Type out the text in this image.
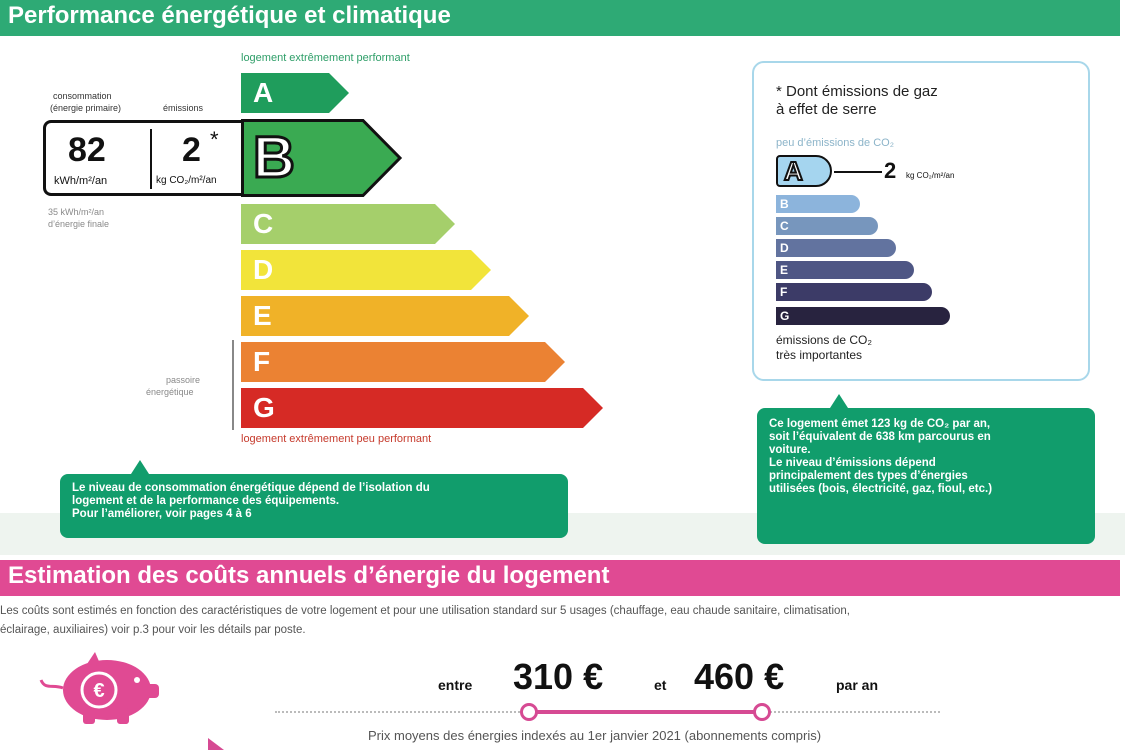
Performance énergétique et climatique
logement extrêmement performant
consommation
(énergie primaire)	émissions
82
kWh/m²/an
2 *
kg CO₂/m²/an
35 kWh/m²/an
d’énergie finale
A
B
C
D
E
F
G
passoire
énergétique
logement extrêmement peu performant
Le niveau de consommation énergétique dépend de l’isolation du
logement et de la performance des équipements.
Pour l’améliorer, voir pages 4 à 6
* Dont émissions de gaz
à effet de serre
peu d’émissions de CO₂
A	2 kg CO₂/m²/an
B
C
D
E
F
G
émissions de CO₂
très importantes
Ce logement émet 123 kg de CO₂ par an,
soit l’équivalent de 638 km parcourus en
voiture.
Le niveau d’émissions dépend
principalement des types d’énergies
utilisées (bois, électricité, gaz, fioul, etc.)
Estimation des coûts annuels d’énergie du logement
Les coûts sont estimés en fonction des caractéristiques de votre logement et pour une utilisation standard sur 5 usages (chauffage, eau chaude sanitaire, climatisation,
éclairage, auxiliaires) voir p.3 pour voir les détails par poste.
€	entre 310 €	et 460 €	par an
Prix moyens des énergies indexés au 1er janvier 2021 (abonnements compris)
